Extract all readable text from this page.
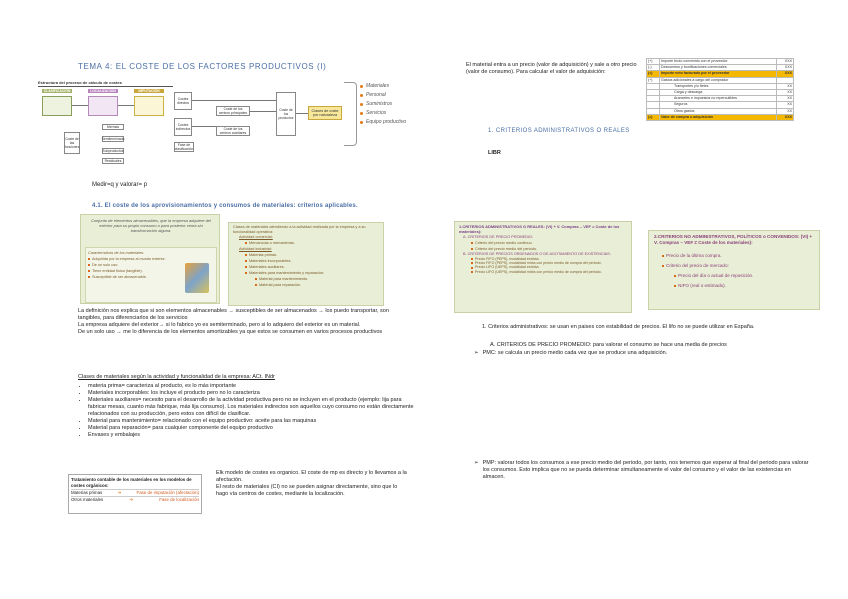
TEMA 4: EL COSTE DE LOS FACTORES PRODUCTIVOS (I)
Estructura del proceso de cálculo de costes
CLASIFICACIÓN	LOCALIZACIÓN	IMPUTACIÓN
Coste de las funciones
Mermas
Semiterminado
Subproductos
Residuales
Costes directos
Costes indirectos
Coste de los centros principales
Coste de los centros auxiliares
Fase de clasificación
Coste de los productos
Clases de coste por naturaleza
Materiales
Personal
Suministros
Servicios
Equipo productivo
Medir=q y valorar= p
4.1. El coste de los aprovisionamientos y consumos de materiales: criterios aplicables.
Conjunto de elementos almacenables, que la empresa adquiere del exterior para su propio consumo o para posterior venta sin transformación alguna.
Características de los materiales:
Adquirida por la empresa al mundo exterior.
De un solo uso.
Tiene entidad física (tangible).
Susceptible de ser almacenable.
Clases de materiales atendiendo a la actividad realizada por la empresa y a su funcionalidad operativa:
Actividad comercial:
Mercancías o mercaderías.
Actividad industrial:
Materias primas.
Materiales incorporables.
Materiales auxiliares.
Materiales para mantenimiento y reparación:
Material para mantenimiento.
Material para reparación.
La definición nos explica que si son elementos almacenables → susceptibles de ser almacenados → los puedo transportar, son tangibles, para diferenciarlos de los servicios
La empresa adquiere del exterior→ si lo fabrico yo es semiterminado, pero si lo adquiero del exterior es un material.
De un solo uso → me lo diferencia de los elementos amortizables ya que estos se consumen en varios procesos productivos
Clases de materiales según la actividad y funcionalidad de la empresa: ACt. INdr
• materia prima= caracteriza al producto, es lo más importante
• Materiales incorporables: los incluye el producto pero no lo caracteriza
• Materiales auxiliares= necesito para el desarrollo de la actividad productiva pero no se incluyen en el producto (ejemplo: lija para fabricar mesas, cuanto más fabrique, más lija consumo). Los materiales indirectos son aquellos cuyo consumo no están directamente relacionados con su producción, pero estos con difícil de clasificar.
• Material para mantenimiento= relacionado con el equipo productivo: aceite para las maquinas
• Material para reparación= para cualquier componente del equipo productivo
• Envases y embalajes
Tratamiento contable de los materiales en los modelos de costes orgánicos:
Materias primas	➔	Fase de imputación (afectación)
Otros materiales	➔	Fase de localización
Elk modelo de costes es organico. El coste de mp es directo y lo llevamos a la afectación.
El resto de materiales (CI) no se pueden asignar directamente, sino que lo hago vía centros de costes, mediante la localización.
El material entra a un precio (valor de adquisición) y sale a otro precio (valor de consumo). Para calcular el valor de adquisición:
(+)	Importe bruto convenido con el proveedor	XXX
(-)	Descuentos y bonificaciones comerciales	XXX
(=)	Importe neto facturado por el proveedor	XXX
(+)	Gastos adicionales a cargo del comprador	
	Transportes y/o fletes	XX
	Carga y descarga	XX
	Aranceles e impuestos no repercutibles	XX
	Seguros	XX
	Otros gastos	XX
(=)	Valor de compra o adquisición	XXX
1. CRITERIOS ADMINISTRATIVOS O REALES
LIBR
1.CRITERIOS ADMINISTRATIVOS O REALES: (VI) + V. Compras – VEF = Coste de los materiales):
A. CRITERIOS DE PRECIO PROMEDIO:
Criterio del precio medio continuo.
Criterio del precio medio del periodo.
B. CRITERIOS DE PRECIOS ORDENADOS O DE AGOTAMIENTO DE EXISTENCIAS:
Precio FIFO (PEPS), modalidad estricta.
Precio FIFO (PEPS), modalidad mixta con precio medio de compra del periodo.
Precio LIFO (UEPS), modalidad estricta.
Precio LIFO (UEPS), modalidad mixta con precio medio de compra del periodo.
2.CRITERIOS NO ADMINISTRATIVOS, POLÍTICOS o CONVENIDOS: (VI) + V. Compras – VEF ≠ Coste de los materiales):
Precio de la última compra.
Criterio del precio de mercado:
Precio del día o actual de reposición.
NIFO (real o estimado).
1. Criterios administrativos: se usan en paises con estabilidad de precios. El lifo no se puede utilizar en España.
A. CRITERIOS DE PRECIO PROMEDIO: para valorar el consumo se hace una media de precios
➢ PMC: se calcula un precio medio cada vez que se produce una adquisición.
➢ PMP: valorar todos los consumos a ese precio medio del periodo, por tanto, nos tenemos que esperar al final del periodo para valorar los consumos. Esto implica que no se pueda determinar simultaneamente el valor del consumo y el valor de las existencias en almacen.
